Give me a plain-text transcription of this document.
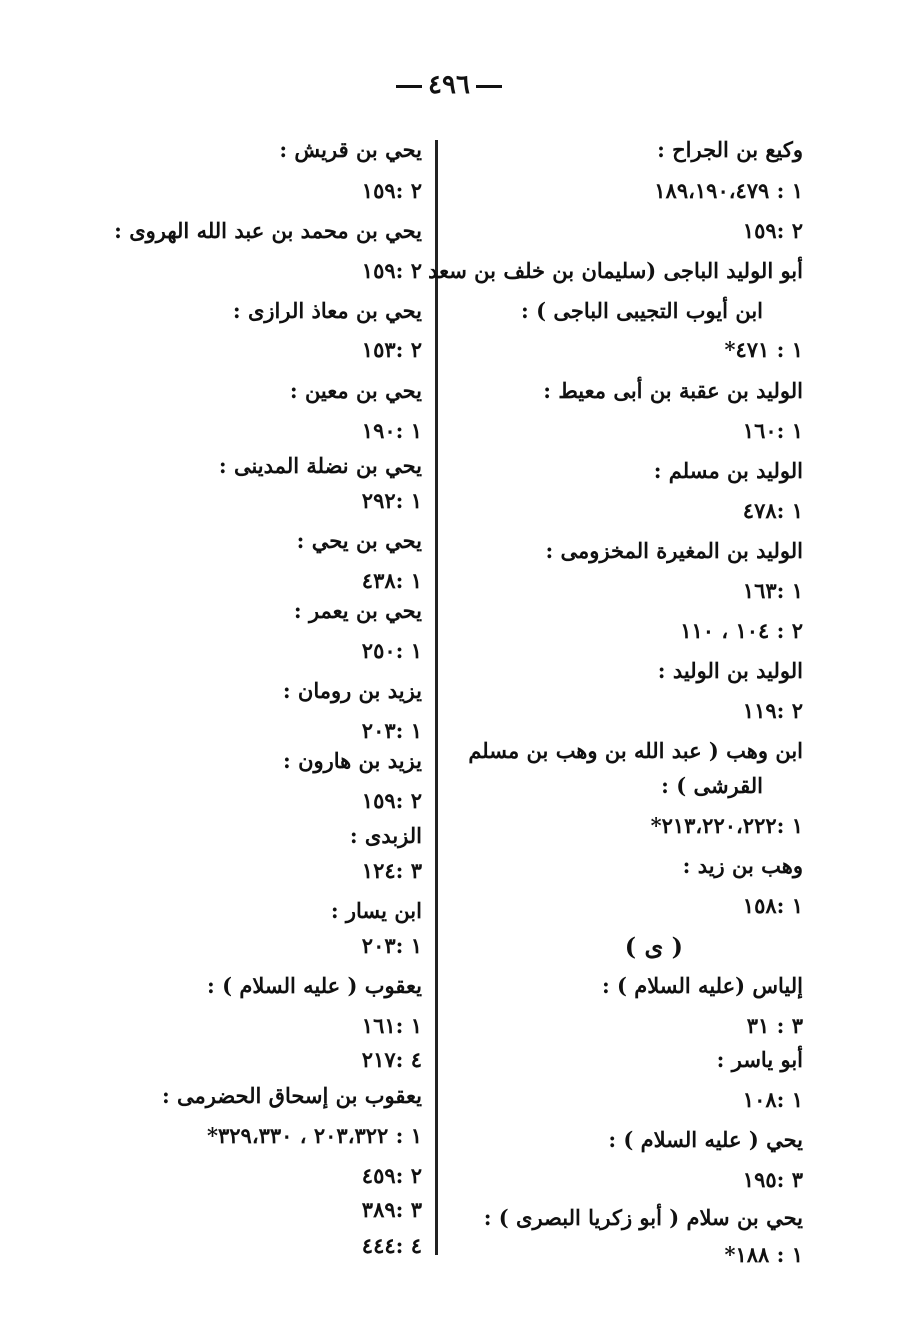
٤٩٦
وكيع بن الجراح :
١ : ١٨٩،١٩٠،٤٧٩
٢ :١٥٩
أبو الوليد الباجى (سليمان بن خلف بن سعد
ابن أيوب التجيبى الباجى ) :
١ : ٤٧١*
الوليد بن عقبة بن أبى معيط :
١ :١٦٠
الوليد بن مسلم :
١ :٤٧٨
الوليد بن المغيرة المخزومى :
١ :١٦٣
٢ : ١٠٤ ، ١١٠
الوليد بن الوليد :
٢ :١١٩
ابن وهب ( عبد الله بن وهب بن مسلم
القرشى ) :
١ :٢١٣،٢٢٠،٢٢٢*
وهب بن زيد :
١ :١٥٨
( ى )
إلياس (عليه السلام ) :
٣ : ٣١
أبو ياسر :
١ :١٠٨
يحي ( عليه السلام ) :
٣ :١٩٥
يحي بن سلام ( أبو زكريا البصرى ) :
١ : ١٨٨*
يحي بن قريش :
٢ :١٥٩
يحي بن محمد بن عبد الله الهروى :
٢ :١٥٩
يحي بن معاذ الرازى :
٢ :١٥٣
يحي بن معين :
١ :١٩٠
يحي بن نضلة المدينى :
١ :٢٩٢
يحي بن يحي :
١ :٤٣٨
يحي بن يعمر :
١ :٢٥٠
يزيد بن رومان :
١ :٢٠٣
يزيد بن هارون :
٢ :١٥٩
الزبدى :
٣ :١٢٤
ابن يسار :
١ :٢٠٣
يعقوب ( عليه السلام ) :
١ :١٦١
٤ :٢١٧
يعقوب بن إسحاق الحضرمى :
١ : ٢٠٣،٣٢٢ ، ٣٢٩،٣٣٠*
٢ :٤٥٩
٣ :٣٨٩
٤ :٤٤٤
